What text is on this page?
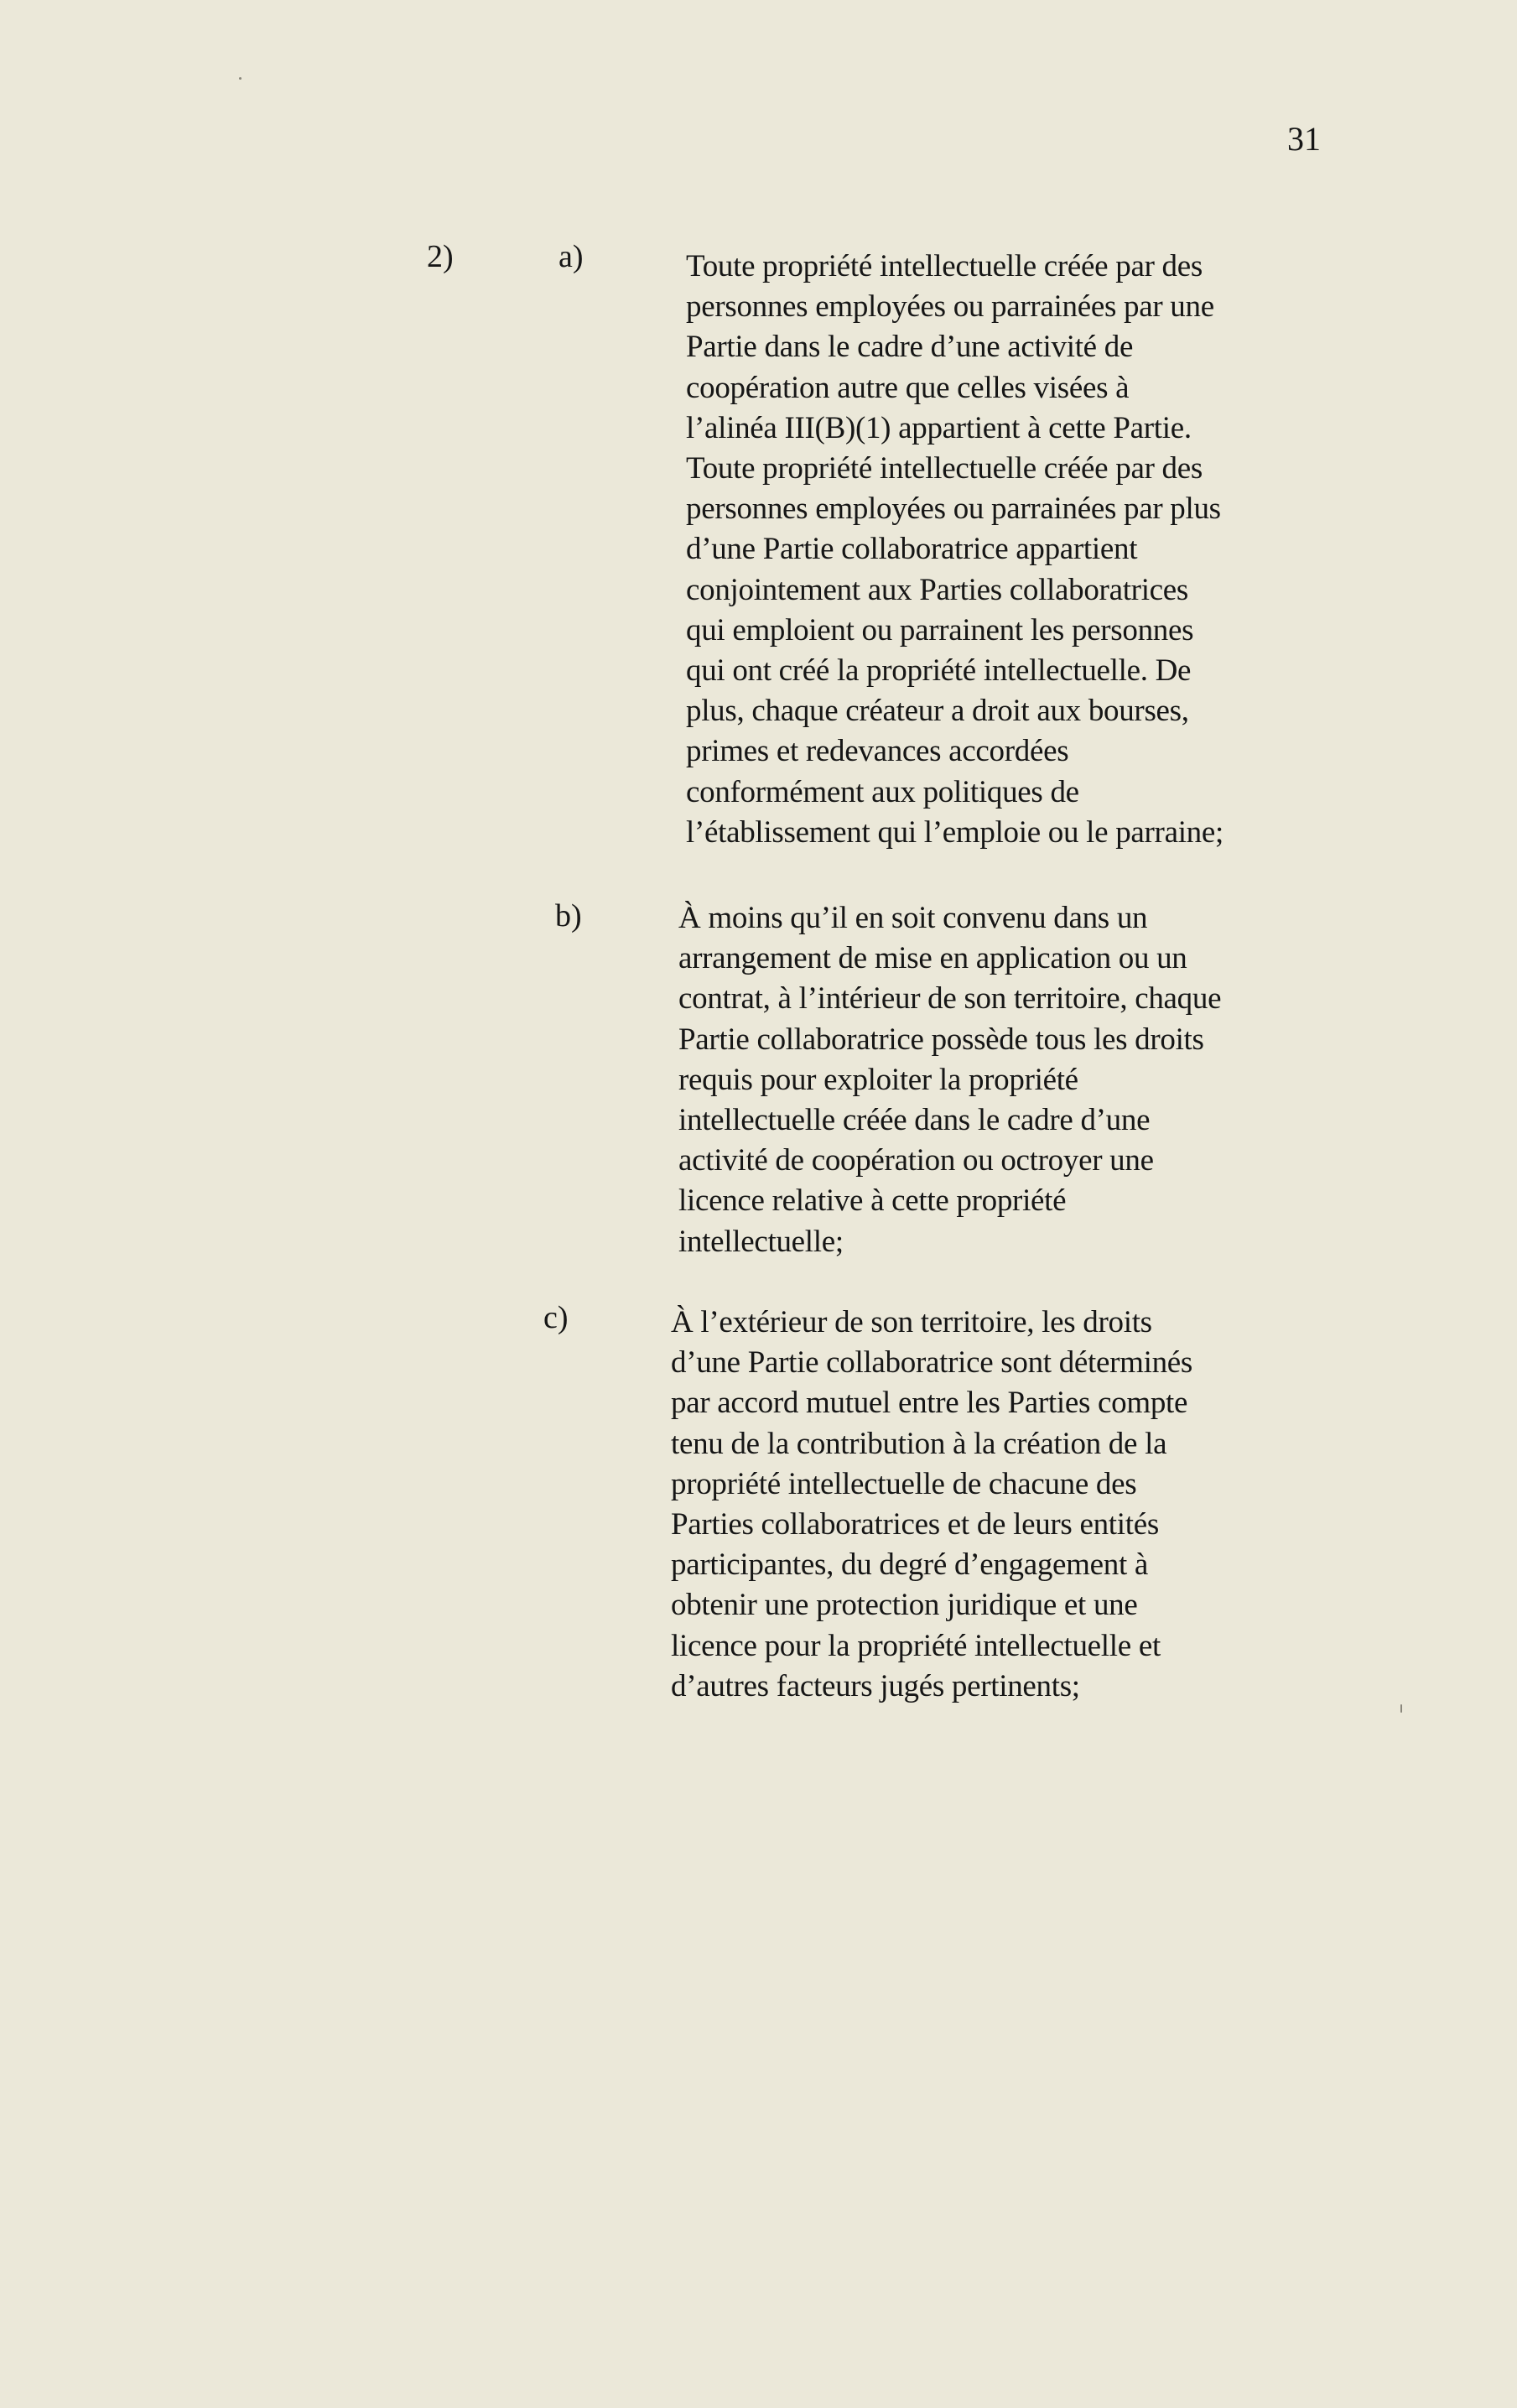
31
2)	a)	Toute propriété intellectuelle créée par des
personnes employées ou parrainées par une
Partie dans le cadre d’une activité de
coopération autre que celles visées à
l’alinéa III(B)(1) appartient à cette Partie.
Toute propriété intellectuelle créée par des
personnes employées ou parrainées par plus
d’une Partie collaboratrice appartient
conjointement aux Parties collaboratrices
qui emploient ou parrainent les personnes
qui ont créé la propriété intellectuelle. De
plus, chaque créateur a droit aux bourses,
primes et redevances accordées
conformément aux politiques de
l’établissement qui l’emploie ou le parraine;

b)	À moins qu’il en soit convenu dans un
arrangement de mise en application ou un
contrat, à l’intérieur de son territoire, chaque
Partie collaboratrice possède tous les droits
requis pour exploiter la propriété
intellectuelle créée dans le cadre d’une
activité de coopération ou octroyer une
licence relative à cette propriété
intellectuelle;

c)	À l’extérieur de son territoire, les droits
d’une Partie collaboratrice sont déterminés
par accord mutuel entre les Parties compte
tenu de la contribution à la création de la
propriété intellectuelle de chacune des
Parties collaboratrices et de leurs entités
participantes, du degré d’engagement à
obtenir une protection juridique et une
licence pour la propriété intellectuelle et
d’autres facteurs jugés pertinents;
